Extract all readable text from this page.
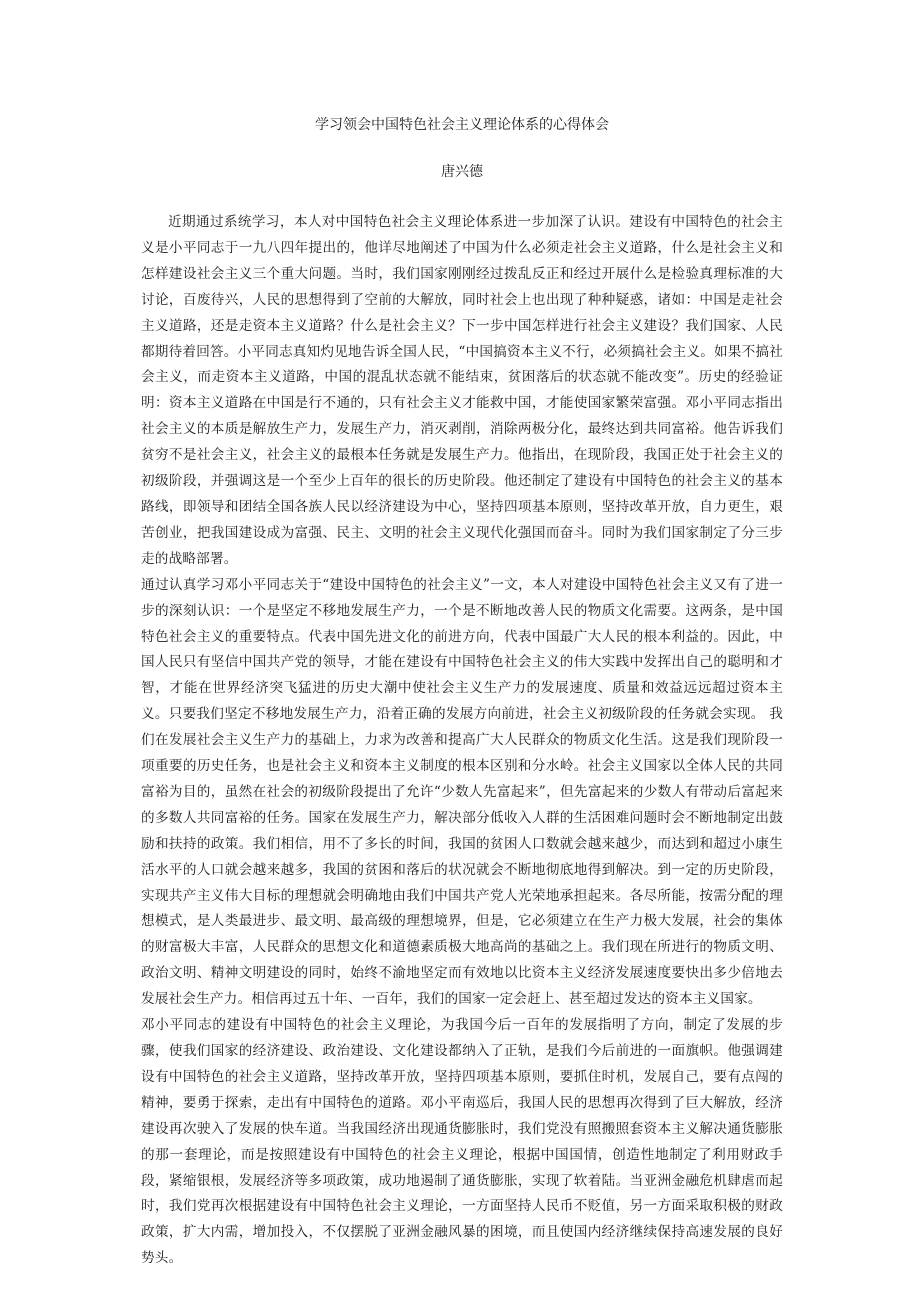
学习领会中国特色社会主义理论体系的心得体会
唐兴德

近期通过系统学习，本人对中国特色社会主义理论体系进一步加深了认识。建设有中国特色的社会主义是小平同志于一九八四年提出的，他详尽地阐述了中国为什么必须走社会主义道路，什么是社会主义和怎样建设社会主义三个重大问题。当时，我们国家刚刚经过拨乱反正和经过开展什么是检验真理标准的大讨论，百废待兴，人民的思想得到了空前的大解放，同时社会上也出现了种种疑惑，诸如：中国是走社会主义道路，还是走资本主义道路？什么是社会主义？下一步中国怎样进行社会主义建设？我们国家、人民都期待着回答。小平同志真知灼见地告诉全国人民，“中国搞资本主义不行，必须搞社会主义。如果不搞社会主义，而走资本主义道路，中国的混乱状态就不能结束，贫困落后的状态就不能改变”。历史的经验证明：资本主义道路在中国是行不通的，只有社会主义才能救中国，才能使国家繁荣富强。邓小平同志指出社会主义的本质是解放生产力，发展生产力，消灭剥削，消除两极分化，最终达到共同富裕。他告诉我们贫穷不是社会主义，社会主义的最根本任务就是发展生产力。他指出，在现阶段，我国正处于社会主义的初级阶段，并强调这是一个至少上百年的很长的历史阶段。他还制定了建设有中国特色的社会主义的基本路线，即领导和团结全国各族人民以经济建设为中心，坚持四项基本原则，坚持改革开放，自力更生，艰苦创业，把我国建设成为富强、民主、文明的社会主义现代化强国而奋斗。同时为我们国家制定了分三步走的战略部署。

通过认真学习邓小平同志关于“建设中国特色的社会主义”一文，本人对建设中国特色社会主义又有了进一步的深刻认识：一个是坚定不移地发展生产力，一个是不断地改善人民的物质文化需要。这两条，是中国特色社会主义的重要特点。代表中国先进文化的前进方向，代表中国最广大人民的根本利益的。因此，中国人民只有坚信中国共产党的领导，才能在建设有中国特色社会主义的伟大实践中发挥出自己的聪明和才智，才能在世界经济突飞猛进的历史大潮中使社会主义生产力的发展速度、质量和效益远远超过资本主义。只要我们坚定不移地发展生产力，沿着正确的发展方向前进，社会主义初级阶段的任务就会实现。 我们在发展社会主义生产力的基础上，力求为改善和提高广大人民群众的物质文化生活。这是我们现阶段一项重要的历史任务，也是社会主义和资本主义制度的根本区别和分水岭。社会主义国家以全体人民的共同富裕为目的，虽然在社会的初级阶段提出了允许“少数人先富起来”，但先富起来的少数人有带动后富起来的多数人共同富裕的任务。国家在发展生产力，解决部分低收入人群的生活困难问题时会不断地制定出鼓励和扶持的政策。我们相信，用不了多长的时间，我国的贫困人口数就会越来越少，而达到和超过小康生活水平的人口就会越来越多，我国的贫困和落后的状况就会不断地彻底地得到解决。到一定的历史阶段，实现共产主义伟大目标的理想就会明确地由我们中国共产党人光荣地承担起来。各尽所能，按需分配的理想模式，是人类最进步、最文明、最高级的理想境界，但是，它必须建立在生产力极大发展，社会的集体的财富极大丰富，人民群众的思想文化和道德素质极大地高尚的基础之上。我们现在所进行的物质文明、政治文明、精神文明建设的同时，始终不渝地坚定而有效地以比资本主义经济发展速度要快出多少倍地去发展社会生产力。相信再过五十年、一百年，我们的国家一定会赶上、甚至超过发达的资本主义国家。

邓小平同志的建设有中国特色的社会主义理论，为我国今后一百年的发展指明了方向，制定了发展的步骤，使我们国家的经济建设、政治建设、文化建设都纳入了正轨，是我们今后前进的一面旗帜。他强调建设有中国特色的社会主义道路，坚持改革开放，坚持四项基本原则，要抓住时机，发展自己，要有点闯的精神，要勇于探索，走出有中国特色的道路。邓小平南巡后，我国人民的思想再次得到了巨大解放，经济建设再次驶入了发展的快车道。当我国经济出现通货膨胀时，我们党没有照搬照套资本主义解决通货膨胀的那一套理论，而是按照建设有中国特色的社会主义理论，根据中国国情，创造性地制定了利用财政手段，紧缩银根，发展经济等多项政策，成功地遏制了通货膨胀，实现了软着陆。当亚洲金融危机肆虐而起时，我们党再次根据建设有中国特色社会主义理论，一方面坚持人民币不贬值，另一方面采取积极的财政政策，扩大内需，增加投入，不仅摆脱了亚洲金融风暴的困境，而且使国内经济继续保持高速发展的良好势头。
